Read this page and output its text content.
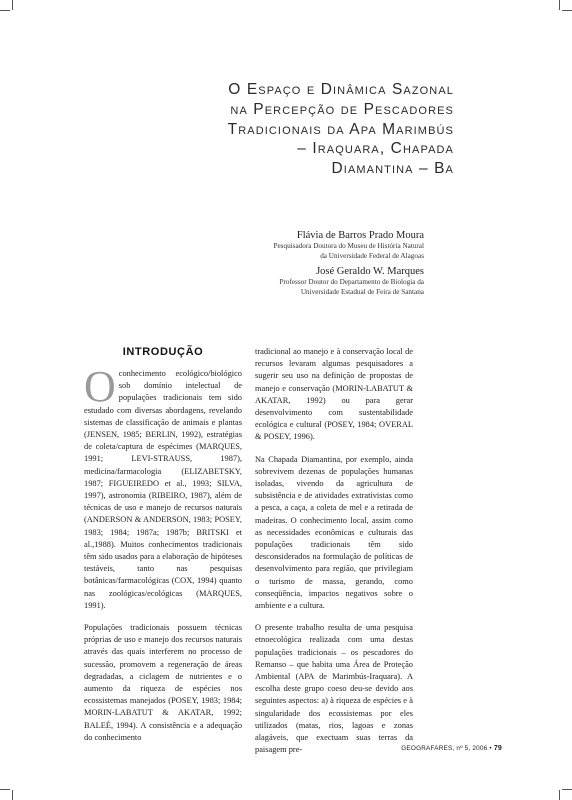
O Espaço e Dinâmica Sazonal
na Percepção de Pescadores
Tradicionais da Apa Marimbús
– Iraquara, Chapada
Diamantina – Ba
Flávia de Barros Prado Moura
Pesquisadora Doutora do Museu de História Natural
da Universidade Federal de Alagoas
José Geraldo W. Marques
Professor Doutor do Departamento de Biologia da
Universidade Estadual de Feira de Santana
INTRODUÇÃO

O conhecimento ecológico/biológico sob domínio intelectual de populações tradicionais tem sido estudado com diversas abordagens, revelando sistemas de classificação de animais e plantas (JENSEN, 1985; BERLIN, 1992), estratégias de coleta/captura de espécimes (MARQUES, 1991; LEVI-STRAUSS, 1987), medicina/farmacologia (ELIZABETSKY, 1987; FIGUEIREDO et al., 1993; SILVA, 1997), astronomia (RIBEIRO, 1987), além de técnicas de uso e manejo de recursos naturais (ANDERSON & ANDERSON, 1983; POSEY, 1983; 1984; 1987a; 1987b; BRITSKI et al.,1988). Muitos conhecimentos tradicionais têm sido usados para a elaboração de hipóteses testáveis, tanto nas pesquisas botânicas/farmacológicas (COX, 1994) quanto nas zoológicas/ecológicas (MARQUES, 1991).

Populações tradicionais possuem técnicas próprias de uso e manejo dos recursos naturais através das quais interferem no processo de sucessão, promovem a regeneração de áreas degradadas, a ciclagem de nutrientes e o aumento da riqueza de espécies nos ecossistemas manejados (POSEY, 1983; 1984; MORIN-LABATUT & AKATAR, 1992; BALEÉ, 1994). A consistência e a adequação do conhecimento

tradicional ao manejo e à conservação local de recursos levaram algumas pesquisadores a sugerir seu uso na definição de propostas de manejo e conservação (MORIN-LABATUT & AKATAR, 1992) ou para gerar desenvolvimento com sustentabilidade ecológica e cultural (POSEY, 1984; OVERAL & POSEY, 1996).

Na Chapada Diamantina, por exemplo, ainda sobrevivem dezenas de populações humanas isoladas, vivendo da agricultura de subsistência e de atividades extrativistas como a pesca, a caça, a coleta de mel e a retirada de madeiras. O conhecimento local, assim como as necessidades econômicas e culturais das populações tradicionais têm sido desconsiderados na formulação de políticas de desenvolvimento para região, que privilegiam o turismo de massa, gerando, como conseqüência, impactos negativos sobre o ambiente e a cultura.

O presente trabalho resulta de uma pesquisa etnoecológica realizada com uma destas populações tradicionais – os pescadores do Remanso – que habita uma Área de Proteção Ambiental (APA de Marimbús-Iraquara). A escolha deste grupo coeso deu-se devido aos seguintes aspectos: a) à riqueza de espécies e à singularidade dos ecossistemas por eles utilizados (matas, rios, lagoas e zonas alagáveis, que exectuam suas terras da paisagem pre-	GEOGRAFARES, nº 5, 2006 • 79
